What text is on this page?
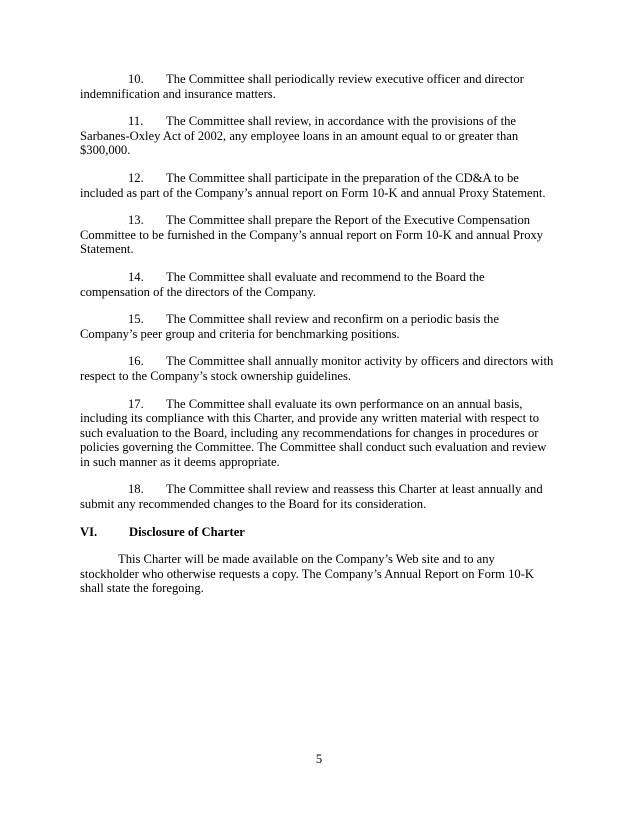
10. The Committee shall periodically review executive officer and director indemnification and insurance matters.

11. The Committee shall review, in accordance with the provisions of the Sarbanes-Oxley Act of 2002, any employee loans in an amount equal to or greater than $300,000.

12. The Committee shall participate in the preparation of the CD&A to be included as part of the Company’s annual report on Form 10-K and annual Proxy Statement.

13. The Committee shall prepare the Report of the Executive Compensation Committee to be furnished in the Company’s annual report on Form 10-K and annual Proxy Statement.

14. The Committee shall evaluate and recommend to the Board the compensation of the directors of the Company.

15. The Committee shall review and reconfirm on a periodic basis the Company’s peer group and criteria for benchmarking positions.

16. The Committee shall annually monitor activity by officers and directors with respect to the Company’s stock ownership guidelines.

17. The Committee shall evaluate its own performance on an annual basis, including its compliance with this Charter, and provide any written material with respect to such evaluation to the Board, including any recommendations for changes in procedures or policies governing the Committee. The Committee shall conduct such evaluation and review in such manner as it deems appropriate.

18. The Committee shall review and reassess this Charter at least annually and submit any recommended changes to the Board for its consideration.

VI.	Disclosure of Charter

This Charter will be made available on the Company’s Web site and to any stockholder who otherwise requests a copy. The Company’s Annual Report on Form 10-K shall state the foregoing.

5
